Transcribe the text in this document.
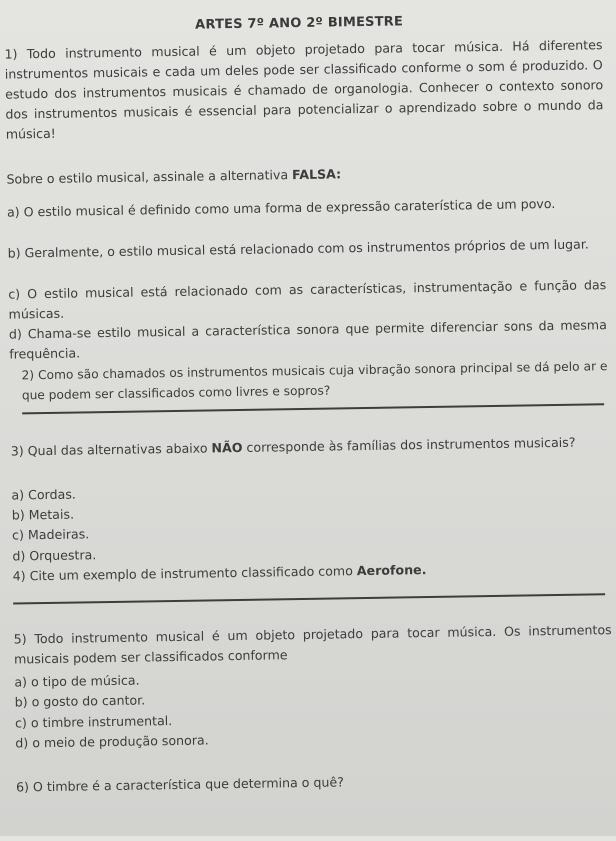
ARTES 7º ANO 2º BIMESTRE
1) Todo instrumento musical é um objeto projetado para tocar música. Há diferentes instrumentos musicais e cada um deles pode ser classificado conforme o som é produzido. O estudo dos instrumentos musicais é chamado de organologia. Conhecer o contexto sonoro dos instrumentos musicais é essencial para potencializar o aprendizado sobre o mundo da música!
Sobre o estilo musical, assinale a alternativa FALSA:
a) O estilo musical é definido como uma forma de expressão caraterística de um povo.
b) Geralmente, o estilo musical está relacionado com os instrumentos próprios de um lugar.
c) O estilo musical está relacionado com as características, instrumentação e função das músicas.
d) Chama-se estilo musical a característica sonora que permite diferenciar sons da mesma frequência.
2) Como são chamados os instrumentos musicais cuja vibração sonora principal se dá pelo ar e que podem ser classificados como livres e sopros?
3) Qual das alternativas abaixo NÃO corresponde às famílias dos instrumentos musicais?
a) Cordas.
b) Metais.
c) Madeiras.
d) Orquestra.
4) Cite um exemplo de instrumento classificado como Aerofone.
5) Todo instrumento musical é um objeto projetado para tocar música. Os instrumentos musicais podem ser classificados conforme
a) o tipo de música.
b) o gosto do cantor.
c) o timbre instrumental.
d) o meio de produção sonora.
6) O timbre é a característica que determina o quê?
